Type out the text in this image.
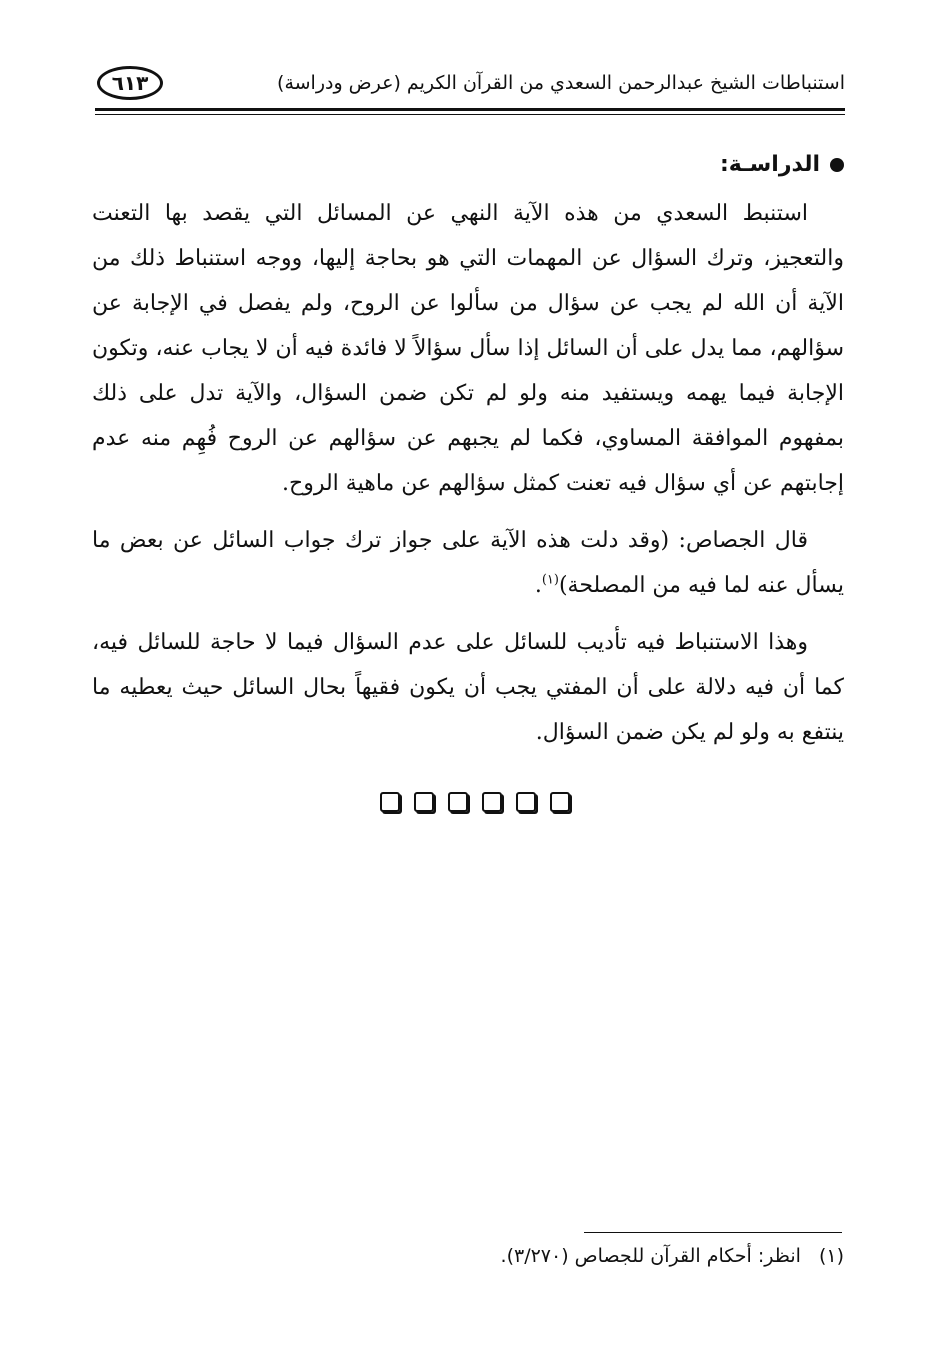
استنباطات الشيخ عبدالرحمن السعدي من القرآن الكريم (عرض ودراسة)
٦١٣
الدراسـة:

استنبط السعدي من هذه الآية النهي عن المسائل التي يقصد بها التعنت والتعجيز، وترك السؤال عن المهمات التي هو بحاجة إليها، ووجه استنباط ذلك من الآية أن الله لم يجب عن سؤال من سألوا عن الروح، ولم يفصل في الإجابة عن سؤالهم، مما يدل على أن السائل إذا سأل سؤالاً لا فائدة فيه أن لا يجاب عنه، وتكون الإجابة فيما يهمه ويستفيد منه ولو لم تكن ضمن السؤال، والآية تدل على ذلك بمفهوم الموافقة المساوي، فكما لم يجبهم عن سؤالهم عن الروح فُهِم منه عدم إجابتهم عن أي سؤال فيه تعنت كمثل سؤالهم عن ماهية الروح.

قال الجصاص: (وقد دلت هذه الآية على جواز ترك جواب السائل عن بعض ما يسأل عنه لما فيه من المصلحة)$^{(١)}$.

وهذا الاستنباط فيه تأديب للسائل على عدم السؤال فيما لا حاجة للسائل فيه، كما أن فيه دلالة على أن المفتي يجب أن يكون فقيهاً بحال السائل حيث يعطيه ما ينتفع به ولو لم يكن ضمن السؤال.

(١) انظر: أحكام القرآن للجصاص (٣/٢٧٠).
